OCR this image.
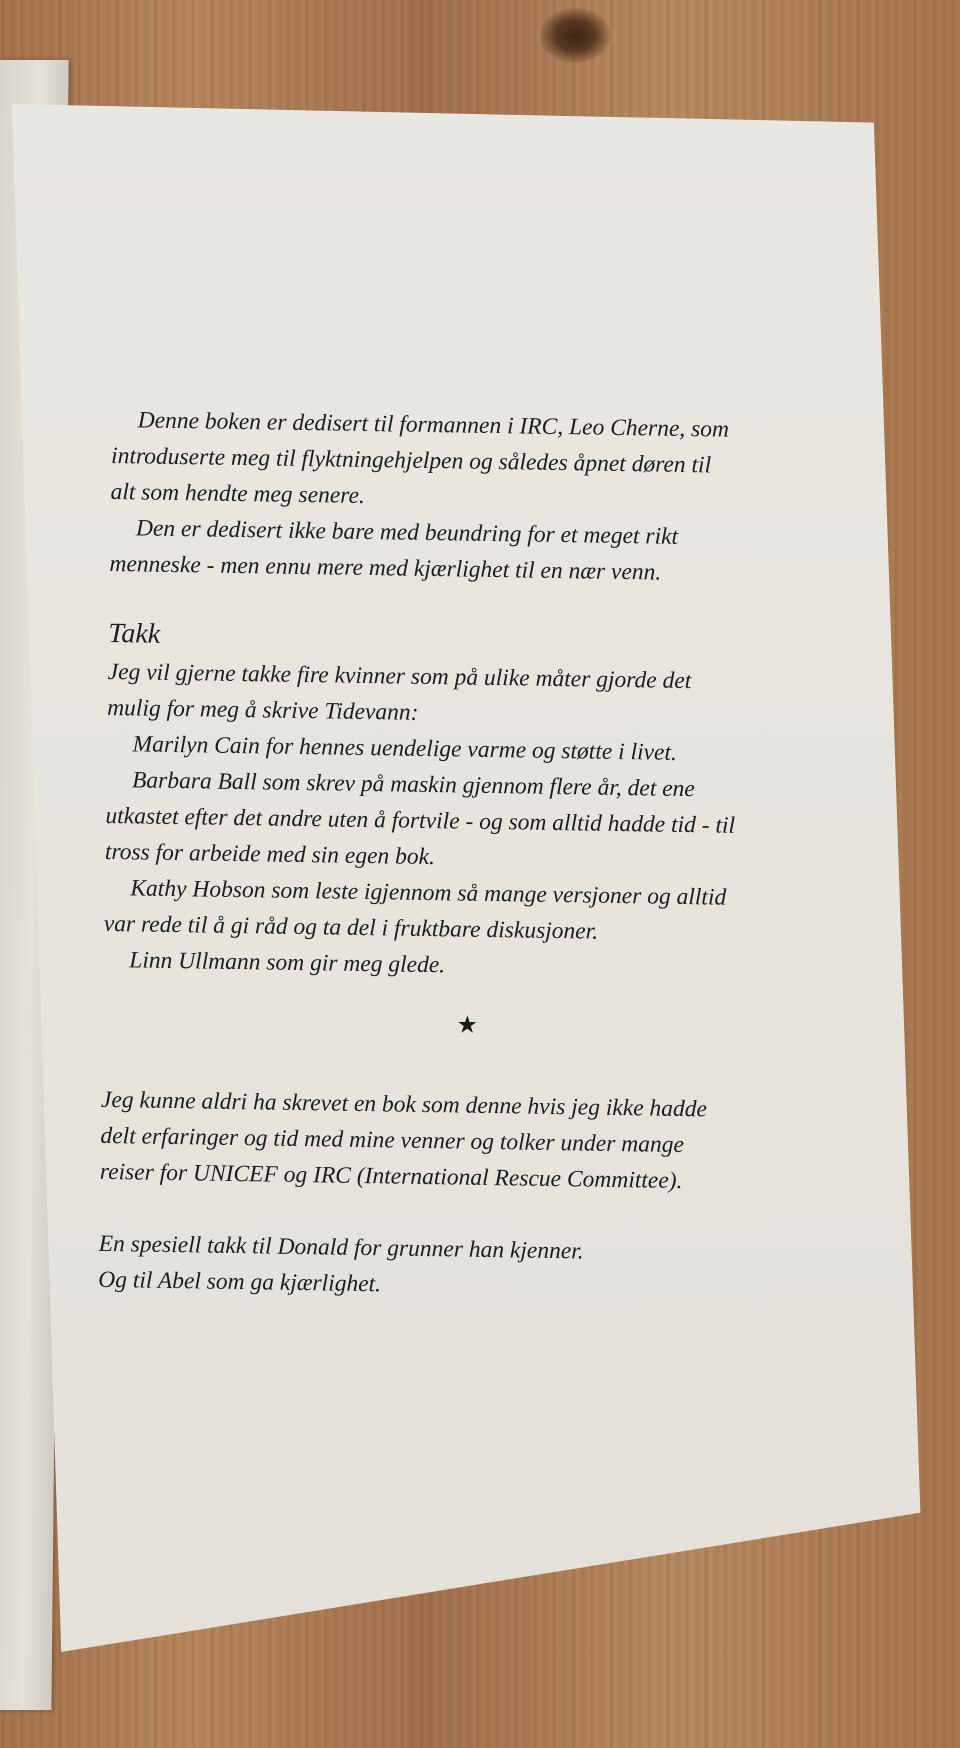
Denne boken er dedisert til formannen i IRC, Leo Cherne, som
introduserte meg til flyktningehjelpen og således åpnet døren til
alt som hendte meg senere.

Den er dedisert ikke bare med beundring for et meget rikt
menneske - men ennu mere med kjærlighet til en nær venn.

Takk

Jeg vil gjerne takke fire kvinner som på ulike måter gjorde det
mulig for meg å skrive Tidevann:

Marilyn Cain for hennes uendelige varme og støtte i livet.

Barbara Ball som skrev på maskin gjennom flere år, det ene
utkastet efter det andre uten å fortvile - og som alltid hadde tid - til
tross for arbeide med sin egen bok.

Kathy Hobson som leste igjennom så mange versjoner og alltid
var rede til å gi råd og ta del i fruktbare diskusjoner.

Linn Ullmann som gir meg glede.

★

Jeg kunne aldri ha skrevet en bok som denne hvis jeg ikke hadde
delt erfaringer og tid med mine venner og tolker under mange
reiser for UNICEF og IRC (International Rescue Committee).

En spesiell takk til Donald for grunner han kjenner.
Og til Abel som ga kjærlighet.
